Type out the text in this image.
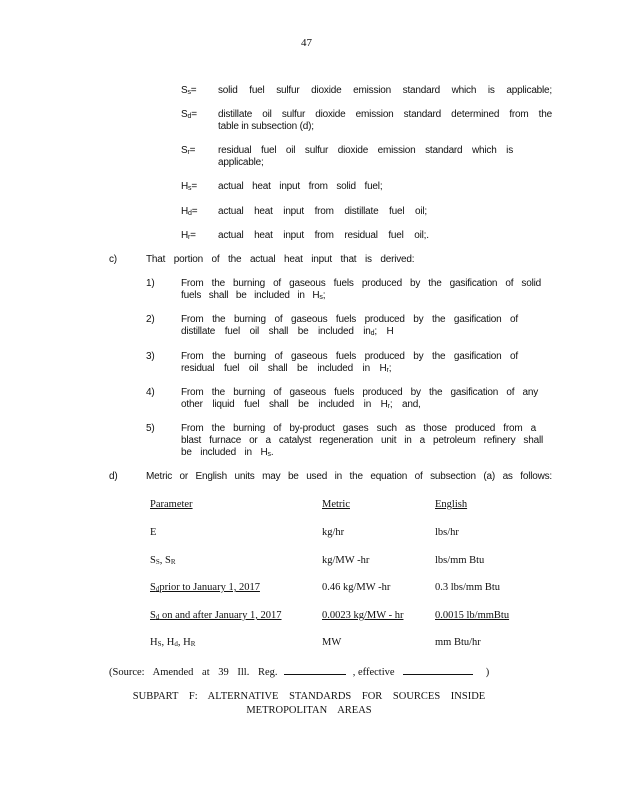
47
Ss= solid fuel sulfur dioxide emission standard which is applicable;
Sd= distillate oil sulfur dioxide emission standard determined from the
table in subsection (d);
Sr= residual fuel oil sulfur dioxide emission standard which is
applicable;
Hs= actual heat input from solid fuel;
Hd= actual heat input from distillate fuel oil;
Hr= actual heat input from residual fuel oil;.
c)	That portion of the actual heat input that is derived:
1)	From the burning of gaseous fuels produced by the gasification of solid
fuels shall be included in Hs;
2)	From the burning of gaseous fuels produced by the gasification of
distillate fuel oil shall be included ind; H
3)	From the burning of gaseous fuels produced by the gasification of
residual fuel oil shall be included in Hr;
4)	From the burning of gaseous fuels produced by the gasification of any
other liquid fuel shall be included in Hr; and,
5)	From the burning of by-product gases such as those produced from a
blast furnace or a catalyst regeneration unit in a petroleum refinery shall
be included in Hs.
d)	Metric or English units may be used in the equation of subsection (a) as follows:
Parameter	Metric	English
E	kg/hr	lbs/hr
SS, SR	kg/MW -hr	lbs/mm Btu
Sdprior to January 1, 2017	0.46 kg/MW -hr	0.3 lbs/mm Btu
Sd on and after January 1, 2017	0.0023 kg/MW - hr	0.0015 lb/mmBtu
HS, Hd, HR	MW	mm Btu/hr
(Source: Amended at 39 Ill. Reg.	, effective	)
SUBPART F: ALTERNATIVE STANDARDS FOR SOURCES INSIDE
METROPOLITAN AREAS
